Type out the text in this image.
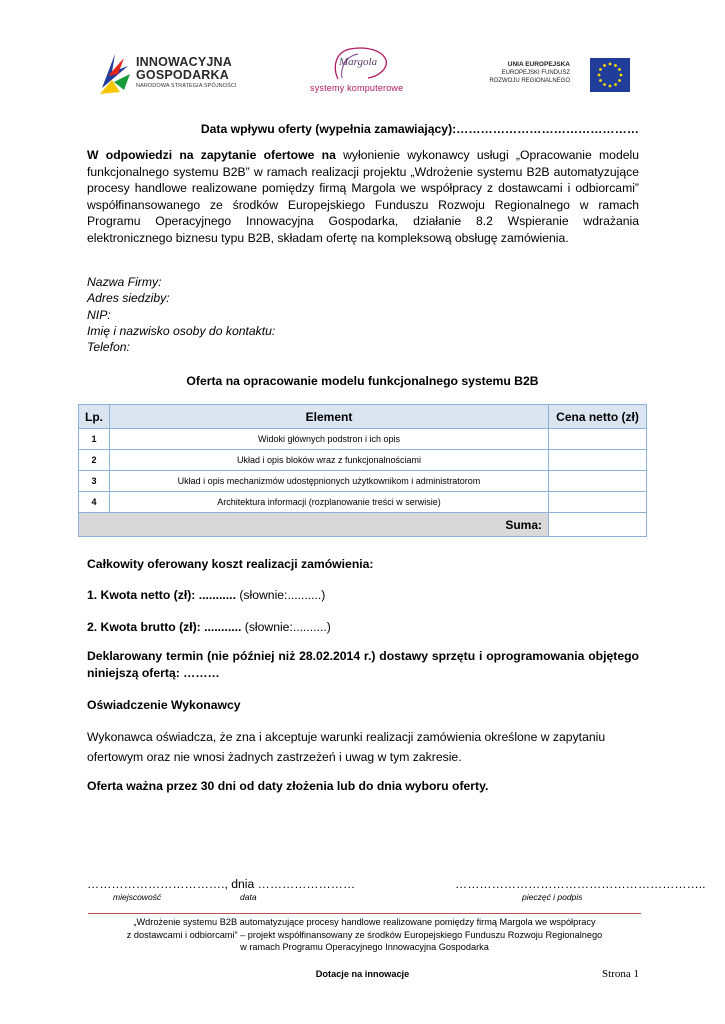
INNOWACYJNA
GOSPODARKA
NARODOWA STRATEGIA SPÓJNOŚCI
Margola
systemy komputerowe
UNIA EUROPEJSKA
EUROPEJSKI FUNDUSZ
ROZWOJU REGIONALNEGO
Data wpływu oferty (wypełnia zamawiający):………………………………………
W odpowiedzi na zapytanie ofertowe na wyłonienie wykonawcy usługi „Opracowanie modelu
funkcjonalnego systemu B2B” w ramach realizacji projektu „Wdrożenie systemu B2B automatyzujące
procesy handlowe realizowane pomiędzy firmą Margola we współpracy z dostawcami i odbiorcami”
współfinansowanego ze środków Europejskiego Funduszu Rozwoju Regionalnego w ramach
Programu Operacyjnego Innowacyjna Gospodarka, działanie 8.2 Wspieranie wdrażania
elektronicznego biznesu typu B2B, składam ofertę na kompleksową obsługę zamówienia.
Nazwa Firmy:
Adres siedziby:
NIP:
Imię i nazwisko osoby do kontaktu:
Telefon:
Oferta na opracowanie modelu funkcjonalnego systemu B2B
Lp.	Element	Cena netto (zł)
1	Widoki głównych podstron i ich opis	
2	Układ i opis bloków wraz z funkcjonalnościami	
3	Układ i opis mechanizmów udostępnionych użytkownikom i administratorom	
4	Architektura informacji (rozplanowanie treści w serwisie)	
Suma:		
Całkowity oferowany koszt realizacji zamówienia:
1. Kwota netto (zł): ........... (słownie:..........)
2. Kwota brutto (zł): ........... (słownie:..........)
Deklarowany termin (nie później niż 28.02.2014 r.) dostawy sprzętu i oprogramowania objętego
niniejszą ofertą: ………
Oświadczenie Wykonawcy
Wykonawca oświadcza, że zna i akceptuje warunki realizacji zamówienia określone w zapytaniu
ofertowym oraz nie wnosi żadnych zastrzeżeń i uwag w tym zakresie.
Oferta ważna przez 30 dni od daty złożenia lub do dnia wyboru oferty.
……………………………., dnia ……………………
miejscowość	data
……………………………………………………..
pieczęć i podpis
„Wdrożenie systemu B2B automatyzujące procesy handlowe realizowane pomiędzy firmą Margola we współpracy
z dostawcami i odbiorcami” – projekt współfinansowany ze środków Europejskiego Funduszu Rozwoju Regionalnego
w ramach Programu Operacyjnego Innowacyjna Gospodarka
Dotacje na innowacje	Strona 1
